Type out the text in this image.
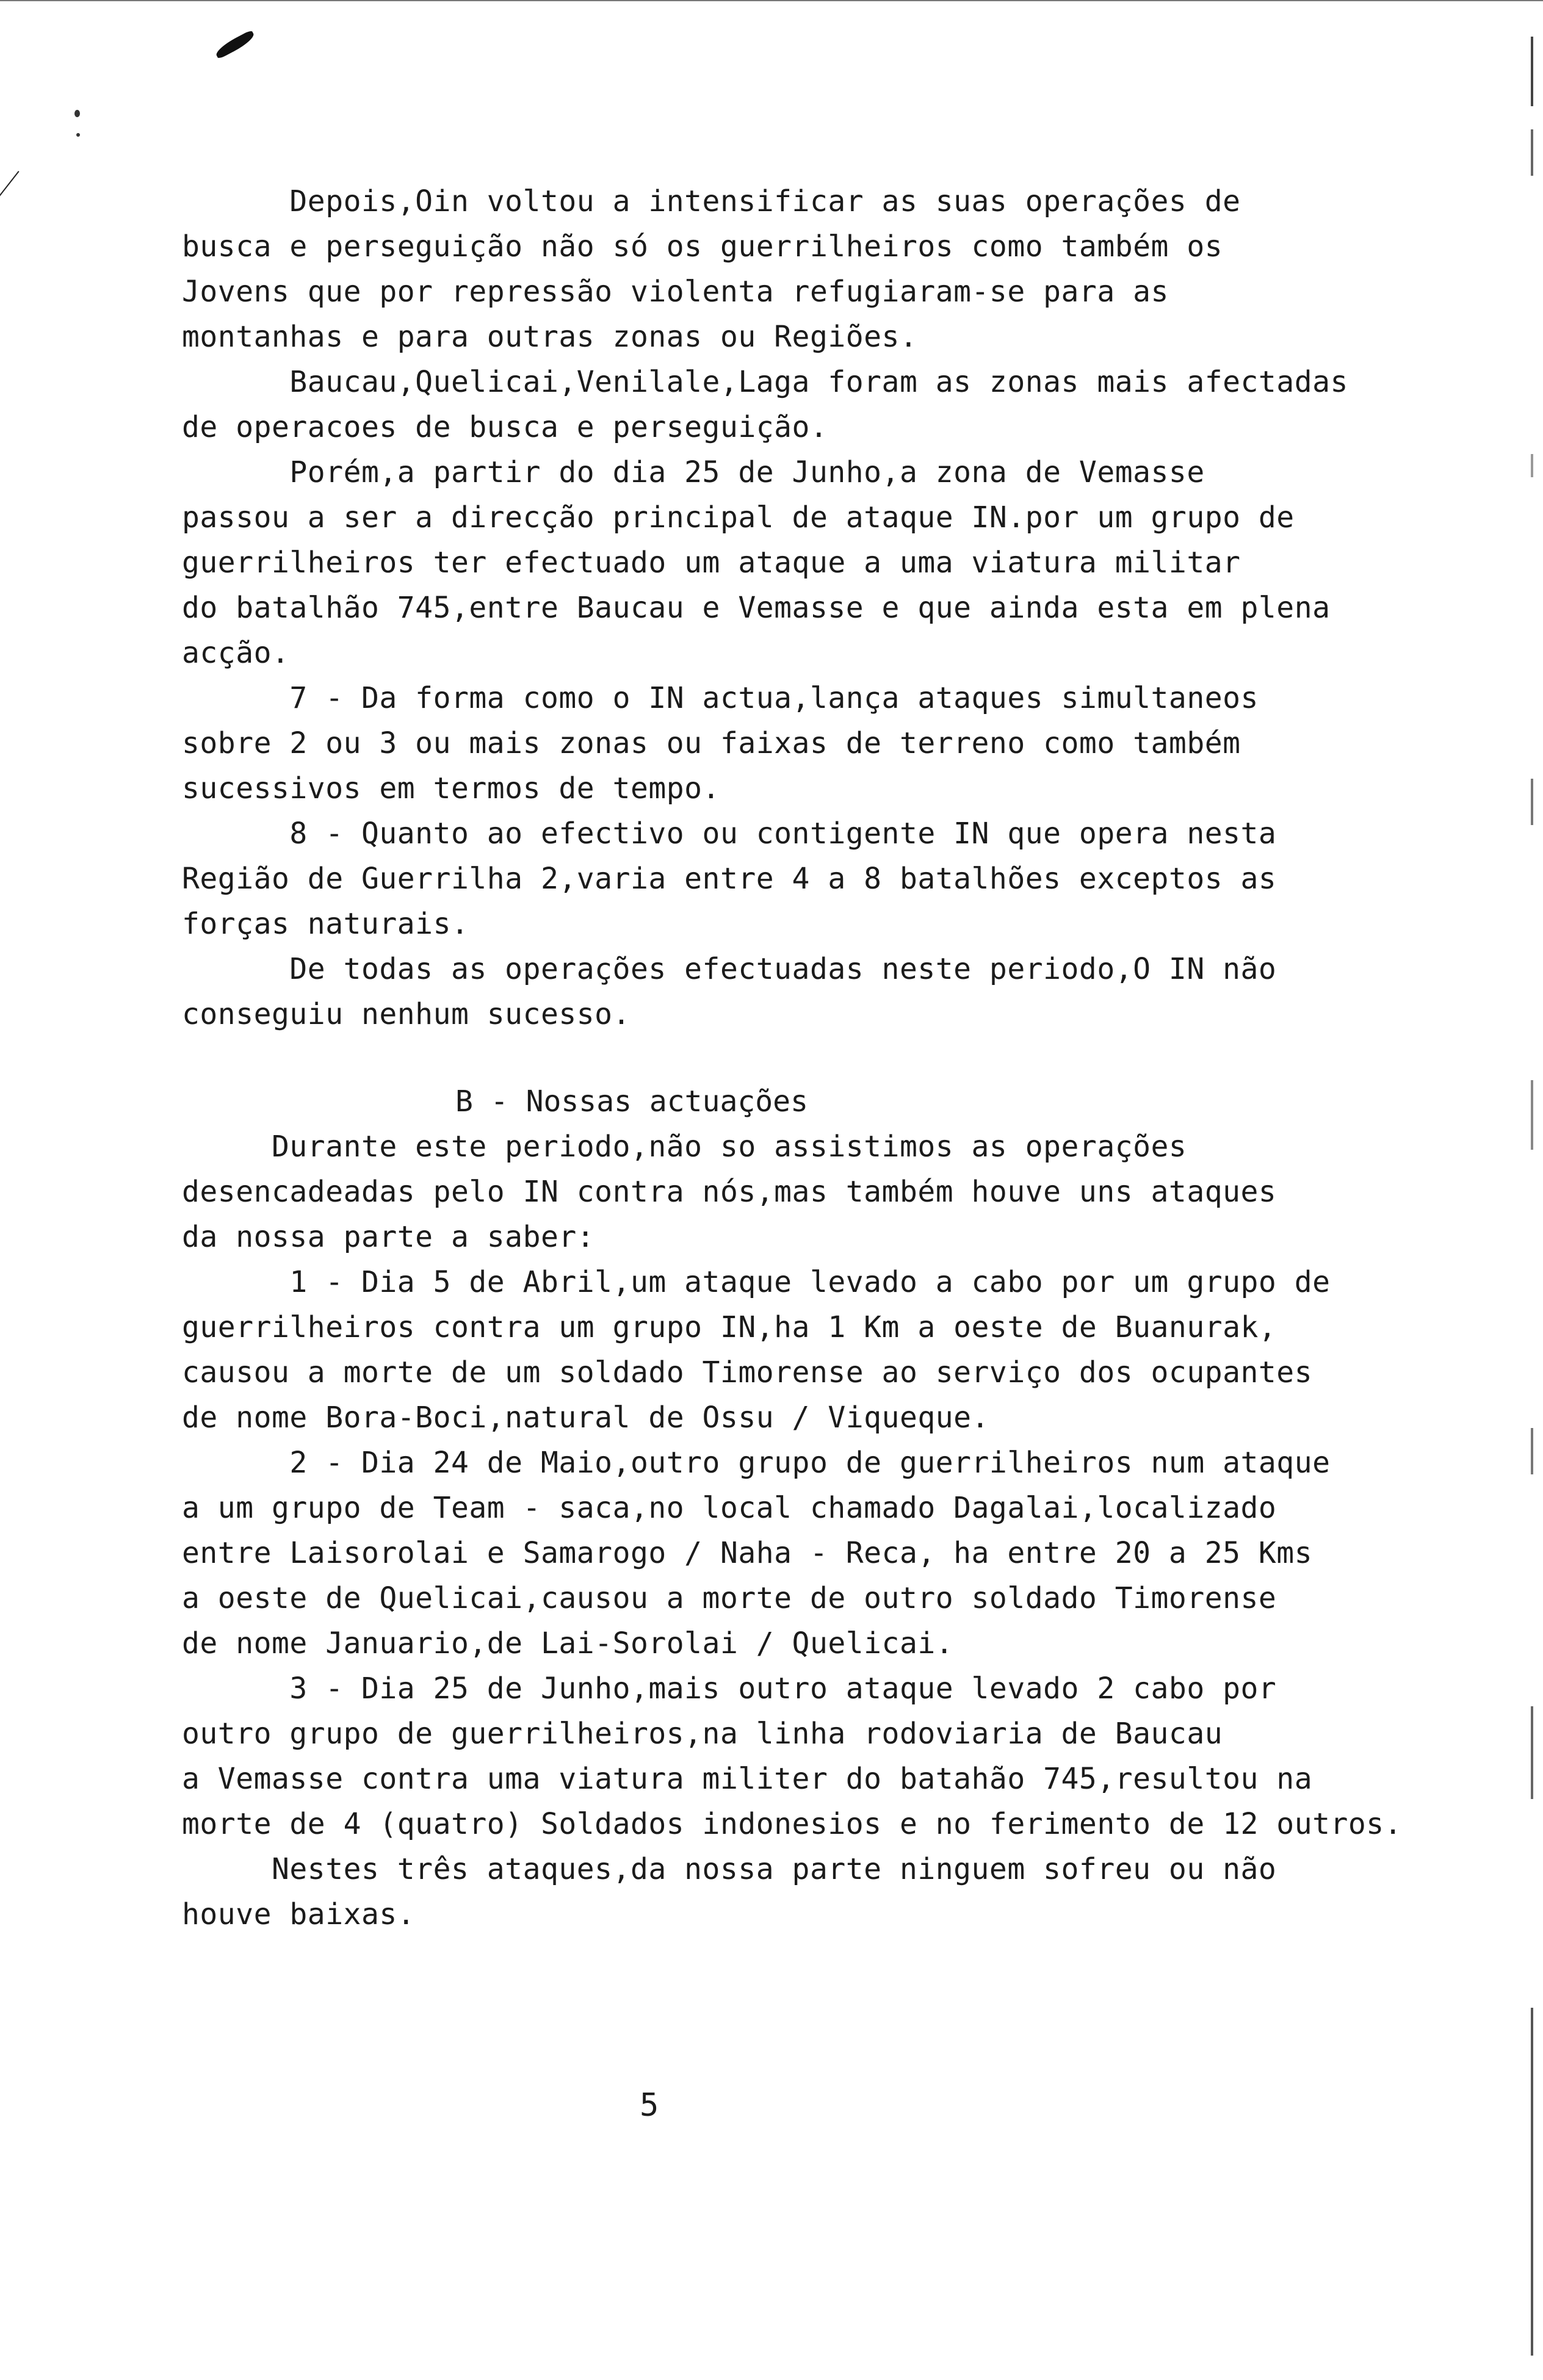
Depois,Oin voltou a intensificar as suas operações de
busca e perseguição não só os guerrilheiros como também os
Jovens que por repressão violenta refugiaram-se para as
montanhas e para outras zonas ou Regiões.
Baucau,Quelicai,Venilale,Laga foram as zonas mais afectadas
de operacoes de busca e perseguição.
Porém,a partir do dia 25 de Junho,a zona de Vemasse
passou a ser a direcção principal de ataque IN.por um grupo de
guerrilheiros ter efectuado um ataque a uma viatura militar
do batalhão 745,entre Baucau e Vemasse e que ainda esta em plena
acção.
7 - Da forma como o IN actua,lança ataques simultaneos
sobre 2 ou 3 ou mais zonas ou faixas de terreno como também
sucessivos em termos de tempo.
8 - Quanto ao efectivo ou contigente IN que opera nesta
Região de Guerrilha 2,varia entre 4 a 8 batalhões exceptos as
forças naturais.
De todas as operações efectuadas neste periodo,O IN não
conseguiu nenhum sucesso.
B - Nossas actuações
Durante este periodo,não so assistimos as operações
desencadeadas pelo IN contra nós,mas também houve uns ataques
da nossa parte a saber:
1 - Dia 5 de Abril,um ataque levado a cabo por um grupo de
guerrilheiros contra um grupo IN,ha 1 Km a oeste de Buanurak,
causou a morte de um soldado Timorense ao serviço dos ocupantes
de nome Bora-Boci,natural de Ossu / Viqueque.
2 - Dia 24 de Maio,outro grupo de guerrilheiros num ataque
a um grupo de Team - saca,no local chamado Dagalai,localizado
entre Laisorolai e Samarogo / Naha - Reca, ha entre 20 a 25 Kms
a oeste de Quelicai,causou a morte de outro soldado Timorense
de nome Januario,de Lai-Sorolai / Quelicai.
3 - Dia 25 de Junho,mais outro ataque levado 2 cabo por
outro grupo de guerrilheiros,na linha rodoviaria de Baucau
a Vemasse contra uma viatura militer do batahão 745,resultou na
morte de 4 (quatro) Soldados indonesios e no ferimento de 12 outros.
Nestes três ataques,da nossa parte ninguem sofreu ou não
houve baixas.
5
